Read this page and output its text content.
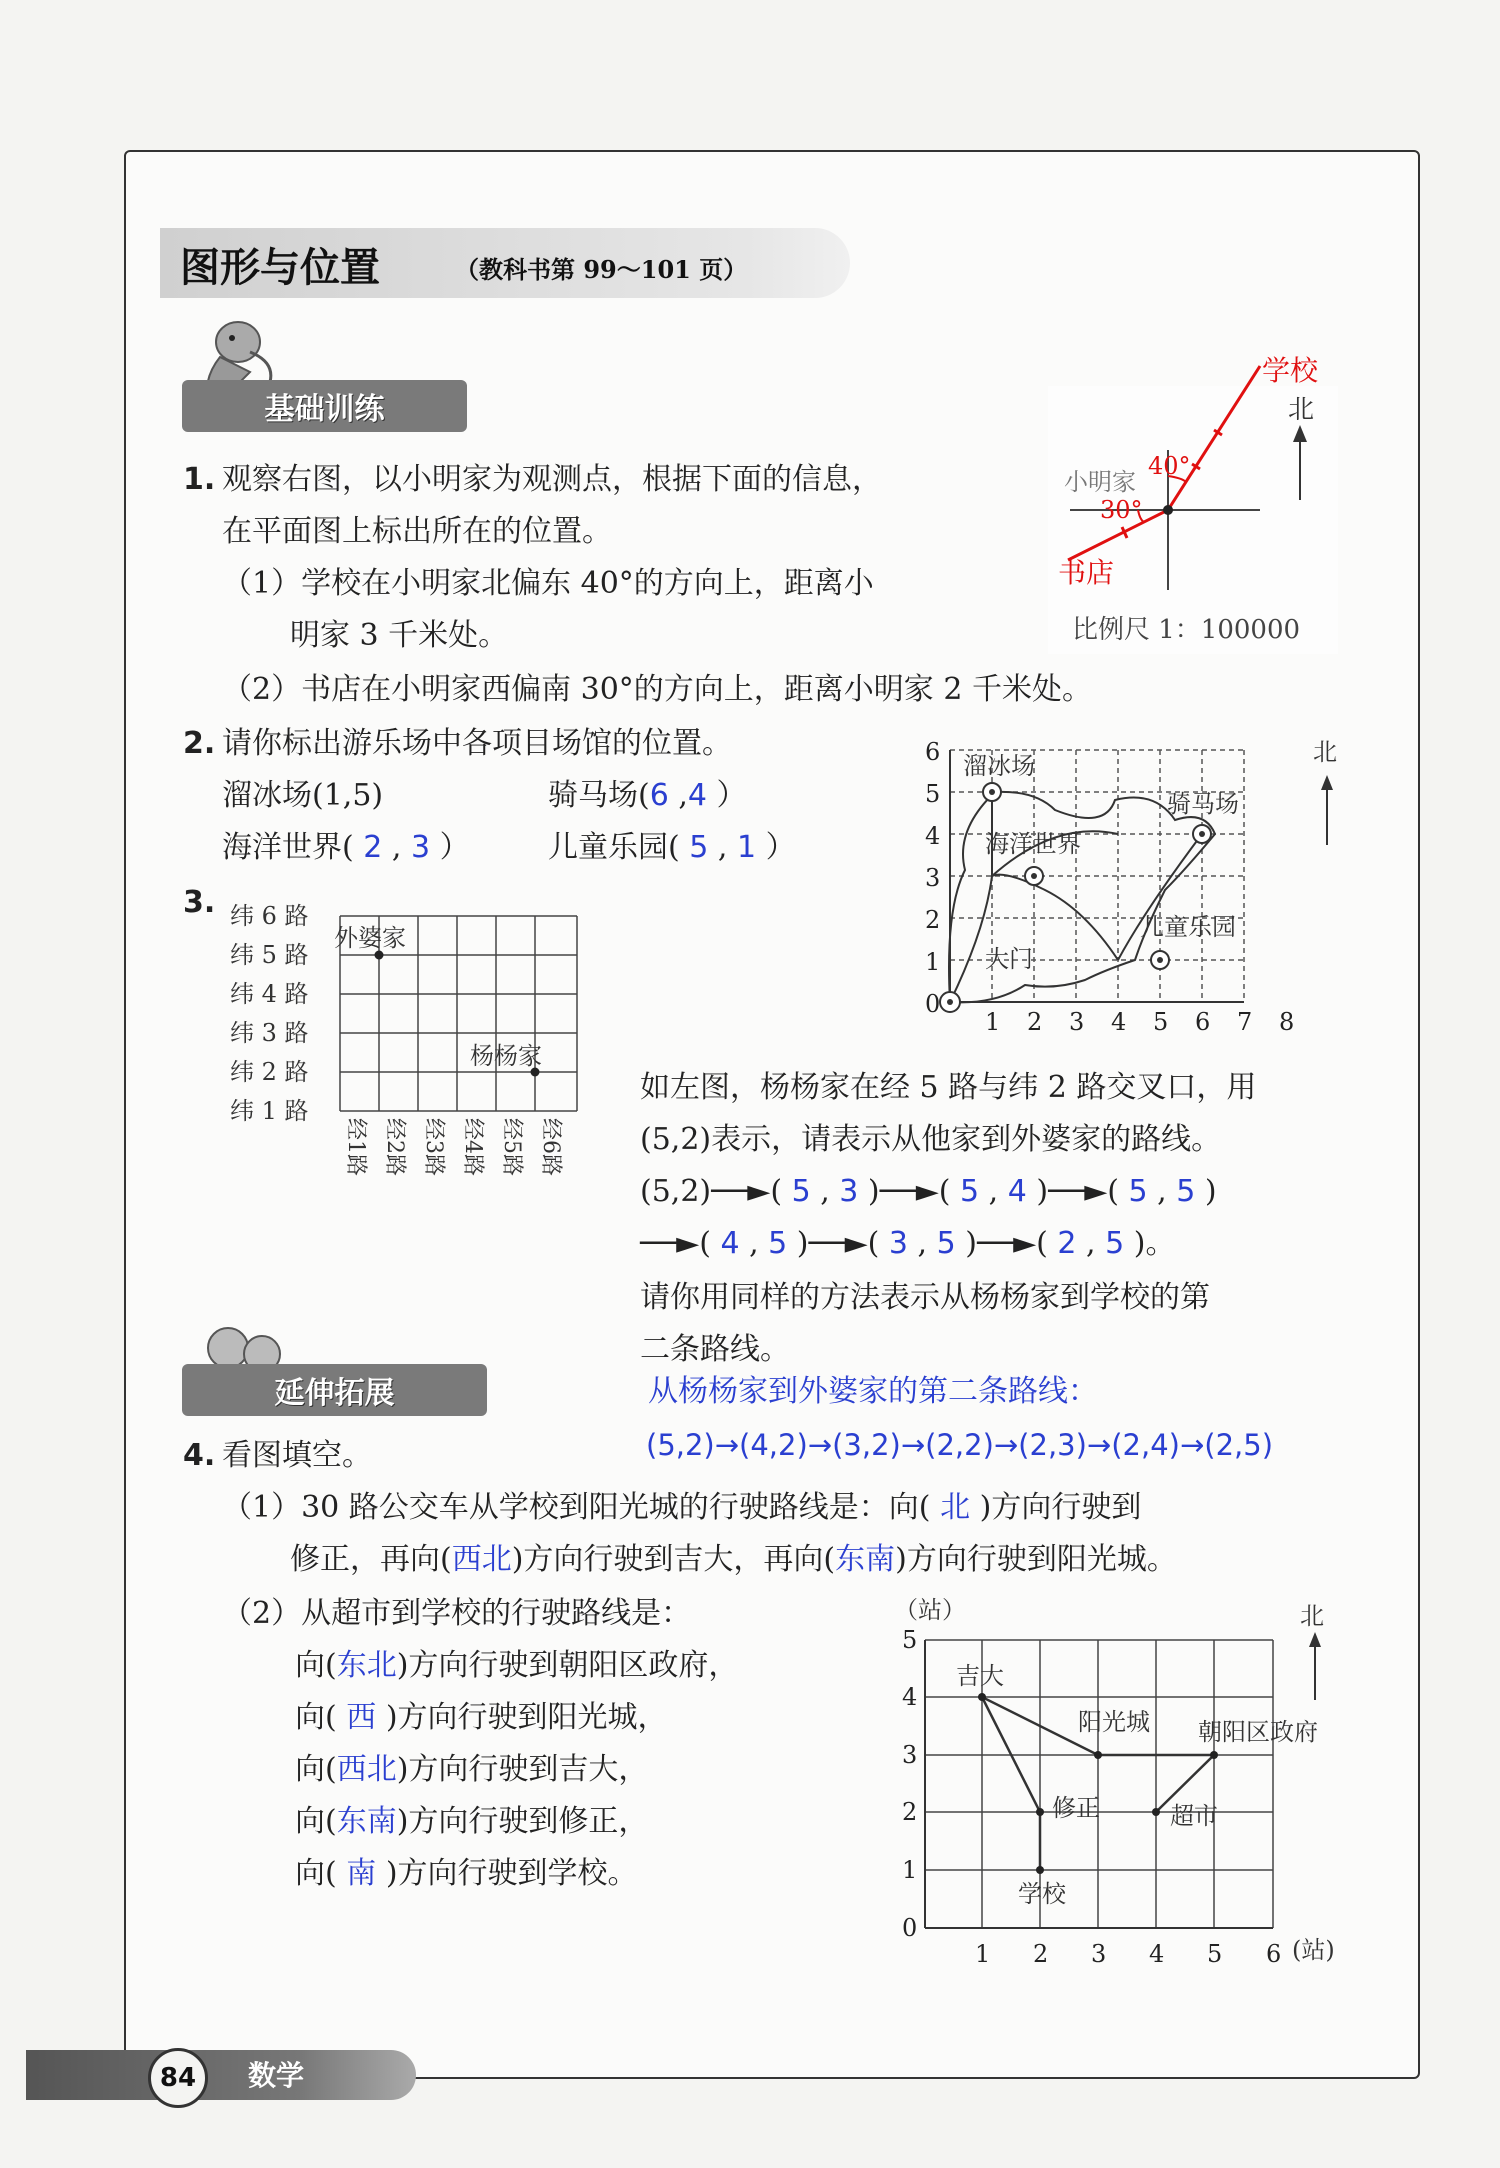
图形与位置	（教科书第 99～101 页）
基础训练
1. 观察右图，以小明家为观测点，根据下面的信息，
在平面图上标出所在的位置。
（1）学校在小明家北偏东 40°的方向上，距离小
明家 3 千米处。
（2）书店在小明家西偏南 30°的方向上，距离小明家 2 千米处。
学校
北
小明家
40°
30°
书店
比例尺 1：100000
2. 请你标出游乐场中各项目场馆的位置。
溜冰场(1,5)	骑马场(6 ,4 ）
海洋世界( 2 , 3 ）	儿童乐园( 5 , 1 ）
溜冰场
骑马场
海洋世界
儿童乐园
大门
0
1
2
3
4
5
6
1 2 3 4 5 6 7 8
北
3.
外婆家
杨杨家
纬 6 路
纬 5 路
纬 4 路
纬 3 路
纬 2 路
纬 1 路
经1路 经2路 经3路 经4路 经5路 经6路
如左图，杨杨家在经 5 路与纬 2 路交叉口，用
(5,2)表示，请表示从他家到外婆家的路线。
(5,2)──►( 5 , 3 )──►( 5 , 4 )──►( 5 , 5 )
──►( 4 , 5 )──►( 3 , 5 )──►( 2 , 5 )。
请你用同样的方法表示从杨杨家到学校的第
二条路线。
从杨杨家到外婆家的第二条路线：
(5,2)→(4,2)→(3,2)→(2,2)→(2,3)→(2,4)→(2,5)
延伸拓展
4. 看图填空。
（1）30 路公交车从学校到阳光城的行驶路线是：向( 北 )方向行驶到
修正，再向(西北)方向行驶到吉大，再向(东南)方向行驶到阳光城。
（2）从超市到学校的行驶路线是：
向(东北)方向行驶到朝阳区政府，
向( 西 )方向行驶到阳光城，
向(西北)方向行驶到吉大，
向(东南)方向行驶到修正，
向( 南 )方向行驶到学校。
（站）
(站)
北
吉大
阳光城 朝阳区政府
修正	超市
学校
0
1
2
3
4
5
1 2 3 4 5 6
84	数学
